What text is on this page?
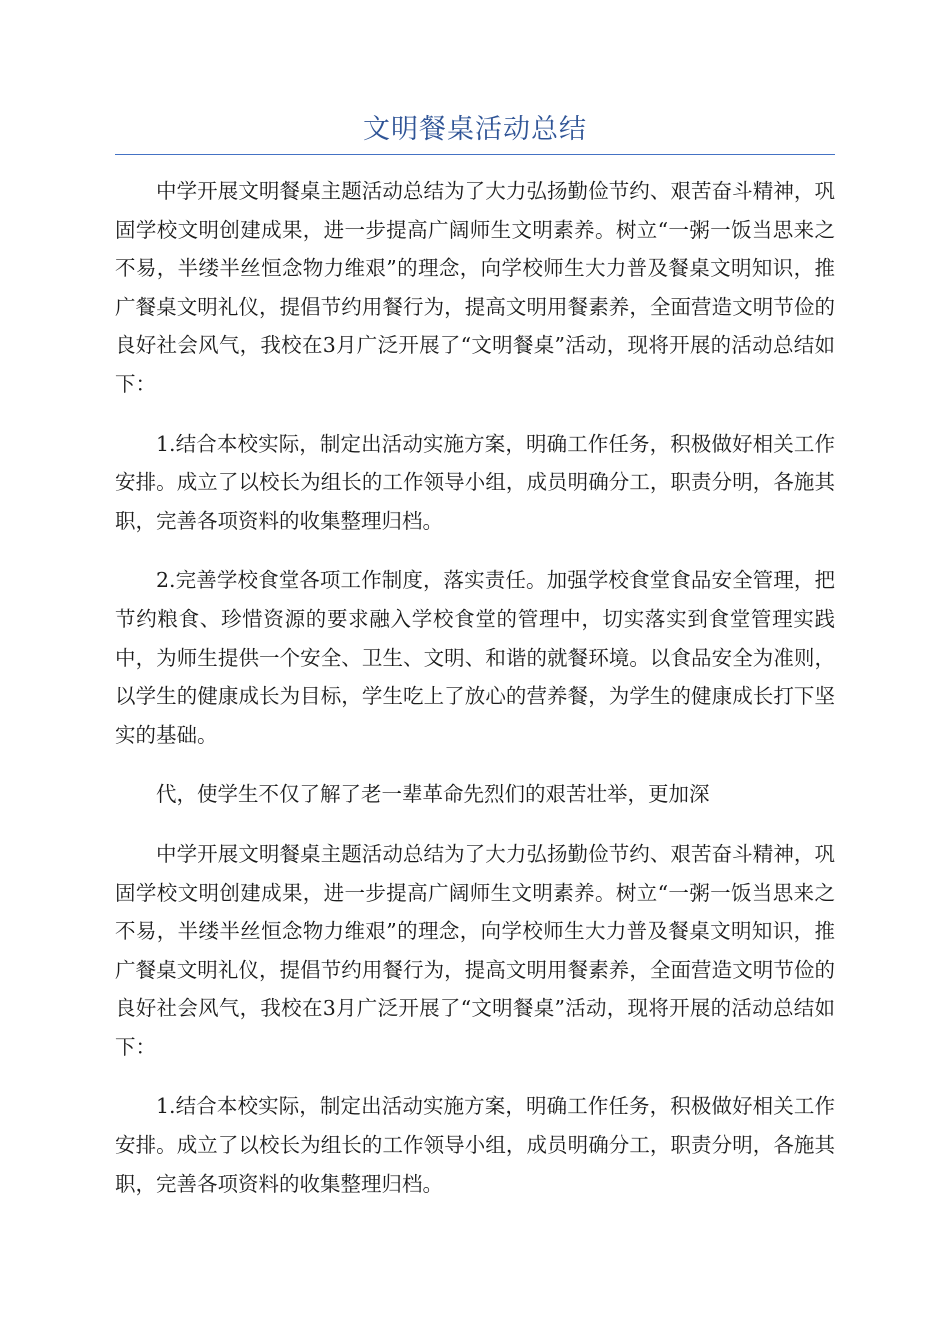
文明餐桌活动总结

中学开展文明餐桌主题活动总结为了大力弘扬勤俭节约、艰苦奋斗精神，巩固学校文明创建成果，进一步提高广阔师生文明素养。树立“一粥一饭当思来之不易，半缕半丝恒念物力维艰”的理念，向学校师生大力普及餐桌文明知识，推广餐桌文明礼仪，提倡节约用餐行为，提高文明用餐素养，全面营造文明节俭的良好社会风气，我校在3月广泛开展了“文明餐桌”活动，现将开展的活动总结如下：

1.结合本校实际，制定出活动实施方案，明确工作任务，积极做好相关工作安排。成立了以校长为组长的工作领导小组，成员明确分工，职责分明，各施其职，完善各项资料的收集整理归档。

2.完善学校食堂各项工作制度，落实责任。加强学校食堂食品安全管理，把节约粮食、珍惜资源的要求融入学校食堂的管理中，切实落实到食堂管理实践中，为师生提供一个安全、卫生、文明、和谐的就餐环境。以食品安全为准则，以学生的健康成长为目标，学生吃上了放心的营养餐，为学生的健康成长打下坚实的基础。

代，使学生不仅了解了老一辈革命先烈们的艰苦壮举，更加深

中学开展文明餐桌主题活动总结为了大力弘扬勤俭节约、艰苦奋斗精神，巩固学校文明创建成果，进一步提高广阔师生文明素养。树立“一粥一饭当思来之不易，半缕半丝恒念物力维艰”的理念，向学校师生大力普及餐桌文明知识，推广餐桌文明礼仪，提倡节约用餐行为，提高文明用餐素养，全面营造文明节俭的良好社会风气，我校在3月广泛开展了“文明餐桌”活动，现将开展的活动总结如下：

1.结合本校实际，制定出活动实施方案，明确工作任务，积极做好相关工作安排。成立了以校长为组长的工作领导小组，成员明确分工，职责分明，各施其职，完善各项资料的收集整理归档。
